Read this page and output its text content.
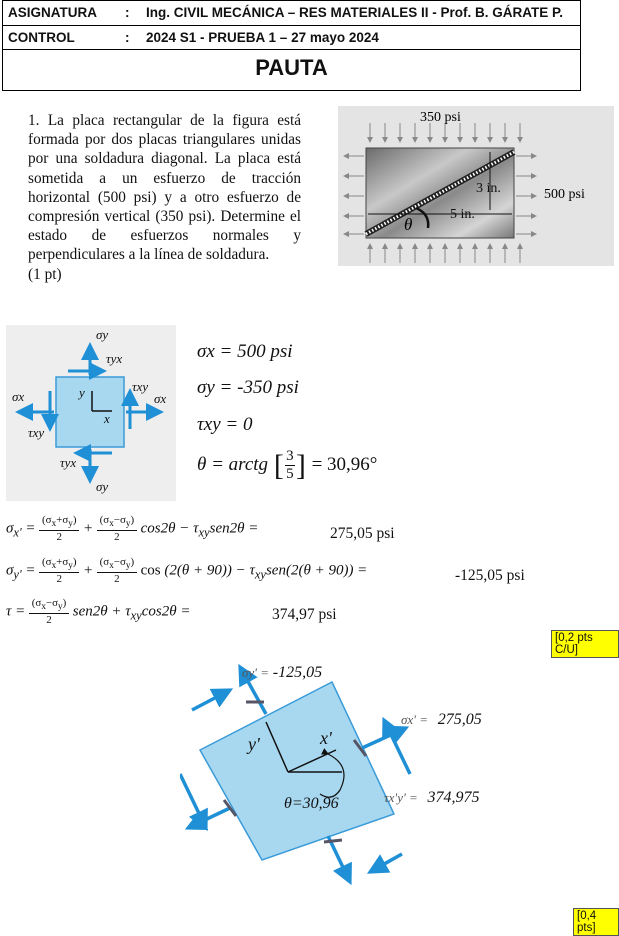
ASIGNATURA : Ing. CIVIL MECÁNICA – RES MATERIALES II - Prof. B. GÁRATE P.
CONTROL	: 2024 S1 - PRUEBA 1 – 27 mayo 2024
PAUTA
1. La placa rectangular de la figura está formada por dos placas triangulares unidas por una soldadura diagonal. La placa está sometida a un esfuerzo de tracción horizontal (500 psi) y a otro esfuerzo de compresión vertical (350 psi). Determine el estado de esfuerzos normales y perpendiculares a la línea de soldadura.
(1 pt)
350 psi
500 psi
3 in.
5 in.
θ
σy
τyx
τxy
σx
σx
τxy
τyx
σy
y
x
σx = 500 psi
σy = -350 psi
τxy = 0
θ = arctg $[\frac{3}{5}] = 30,96^\circ$
$\sigma_{x'} = (\sigma_x+\sigma_y)$
$2 + (\sigma_x-\sigma_y)$
2 $\cos 2\theta - \tau_{xy}sen2\theta$ =	275,05 psi
$\sigma_{y'} = (\sigma_x+\sigma_y)$
$2 + (\sigma_x-\sigma_y)$
2 $\cos (2(\theta + 90)) - \tau_{xy}sen(2(\theta + 90))$ =	-125,05 psi
$\tau = (\sigma_x-\sigma_y)$
2 $sen2\theta + \tau_{xy}\cos 2\theta$ =	374,97 psi
[0,2 pts C/U]
y'	x'
θ=30,96
σy' = -125,05
σx' = 275,05
τx'y' = 374,975
[0,4 pts]
